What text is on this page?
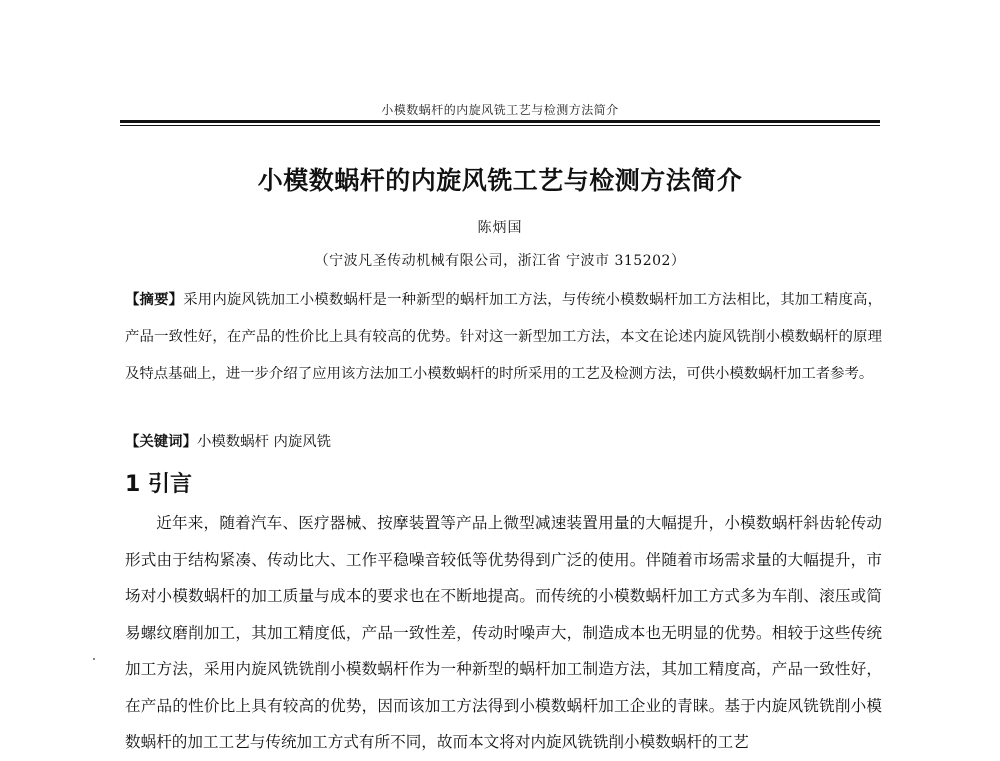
小模数蜗杆的内旋风铣工艺与检测方法简介
小模数蜗杆的内旋风铣工艺与检测方法简介
陈炳国
（宁波凡圣传动机械有限公司，浙江省 宁波市 315202）

【摘要】采用内旋风铣加工小模数蜗杆是一种新型的蜗杆加工方法，与传统小模数蜗杆加工方法相比，其加工精度高，产品一致性好，在产品的性价比上具有较高的优势。针对这一新型加工方法，本文在论述内旋风铣削小模数蜗杆的原理及特点基础上，进一步介绍了应用该方法加工小模数蜗杆的时所采用的工艺及检测方法，可供小模数蜗杆加工者参考。

【关键词】小模数蜗杆 内旋风铣

1 引言

近年来，随着汽车、医疗器械、按摩装置等产品上微型减速装置用量的大幅提升，小模数蜗杆斜齿轮传动形式由于结构紧凑、传动比大、工作平稳噪音较低等优势得到广泛的使用。伴随着市场需求量的大幅提升，市场对小模数蜗杆的加工质量与成本的要求也在不断地提高。而传统的小模数蜗杆加工方式多为车削、滚压或简易螺纹磨削加工，其加工精度低，产品一致性差，传动时噪声大，制造成本也无明显的优势。相较于这些传统加工方法，采用内旋风铣铣削小模数蜗杆作为一种新型的蜗杆加工制造方法，其加工精度高，产品一致性好，在产品的性价比上具有较高的优势，因而该加工方法得到小模数蜗杆加工企业的青睐。基于内旋风铣铣削小模数蜗杆的加工工艺与传统加工方式有所不同，故而本文将对内旋风铣铣削小模数蜗杆的工艺
